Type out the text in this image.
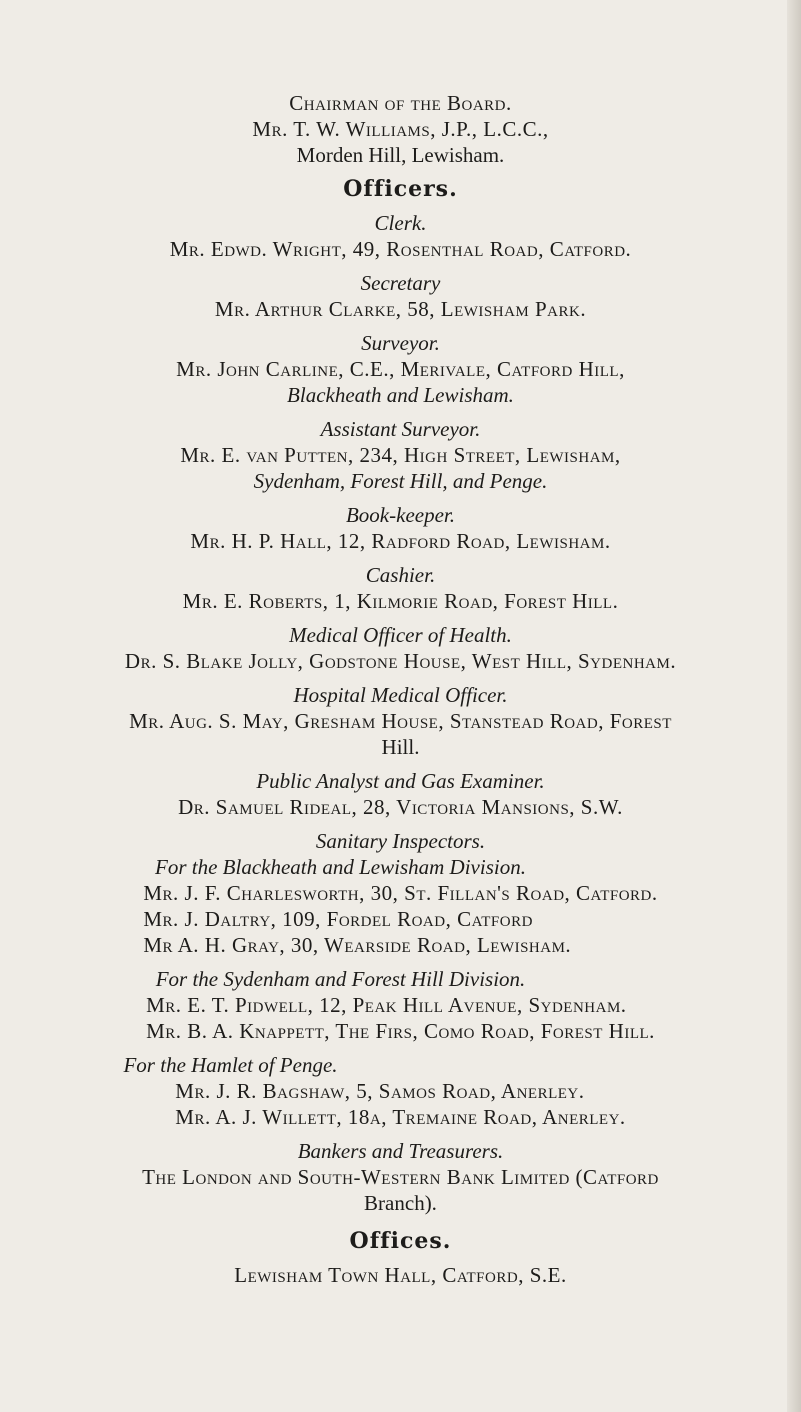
Chairman of the Board.
Mr. T. W. Williams, J.P., L.C.C.,
Morden Hill, Lewisham.
Officers.
Clerk.
Mr. Edwd. Wright, 49, Rosenthal Road, Catford.
Secretary
Mr. Arthur Clarke, 58, Lewisham Park.
Surveyor.
Mr. John Carline, C.E., Merivale, Catford Hill,
Blackheath and Lewisham.
Assistant Surveyor.
Mr. E. van Putten, 234, High Street, Lewisham,
Sydenham, Forest Hill, and Penge.
Book-keeper.
Mr. H. P. Hall, 12, Radford Road, Lewisham.
Cashier.
Mr. E. Roberts, 1, Kilmorie Road, Forest Hill.
Medical Officer of Health.
Dr. S. Blake Jolly, Godstone House, West Hill, Sydenham.
Hospital Medical Officer.
Mr. Aug. S. May, Gresham House, Stanstead Road, Forest
Hill.
Public Analyst and Gas Examiner.
Dr. Samuel Rideal, 28, Victoria Mansions, S.W.
Sanitary Inspectors.
For the Blackheath and Lewisham Division.
Mr. J. F. Charlesworth, 30, St. Fillan's Road, Catford.
Mr. J. Daltry, 109, Fordel Road, Catford
Mr A. H. Gray, 30, Wearside Road, Lewisham.
For the Sydenham and Forest Hill Division.
Mr. E. T. Pidwell, 12, Peak Hill Avenue, Sydenham.
Mr. B. A. Knappett, The Firs, Como Road, Forest Hill.
For the Hamlet of Penge.
Mr. J. R. Bagshaw, 5, Samos Road, Anerley.
Mr. A. J. Willett, 18a, Tremaine Road, Anerley.
Bankers and Treasurers.
The London and South-Western Bank Limited (Catford
Branch).
Offices.
Lewisham Town Hall, Catford, S.E.
